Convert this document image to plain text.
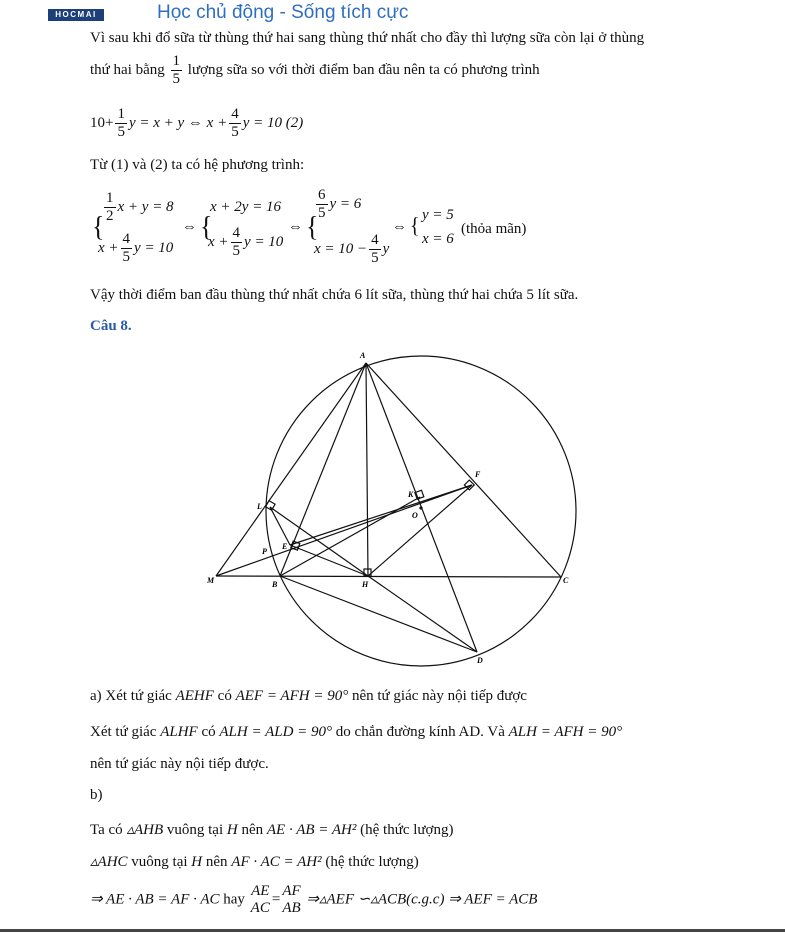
HOCMAI	Học chủ động - Sống tích cực
Vì sau khi đổ sữa từ thùng thứ hai sang thùng thứ nhất cho đầy thì lượng sữa còn lại ở thùng
thứ hai bằng $\frac{1}{5}$ lượng sữa so với thời điểm ban đầu nên ta có phương trình
$10+ \frac{1}{5}$ y = x + y ⇔ $x + \frac{4}{5}$ y = 10 (2)
Từ (1) và (2) ta có hệ phương trình:
{
$\frac{1}{2}$ x + y = 8
$x + \frac{4}{5}$ y = 10
⇔ {
x + 2y = 16
$x + \frac{4}{5}$ y = 10
⇔ {
$\frac{6}{5}$ y = 6
$x = 10 - \frac{4}{5}$ y
⇔ { y = 5
x = 6
(thỏa mãn)
Vậy thời điểm ban đầu thùng thứ nhất chứa 6 lít sữa, thùng thứ hai chứa 5 lít sữa.
Câu 8.
A
F
K
O
L
E
P
M	B	H	C
D
a) Xét tứ giác AEHF có AEF = AFH = 90° nên tứ giác này nội tiếp được
Xét tứ giác ALHF có ALH = ALD = 90° do chắn đường kính AD. Và ALH = AFH = 90°
nên tứ giác này nội tiếp được.
b)
Ta có ▵AHB vuông tại H nên AE · AB = AH² (hệ thức lượng)
▵AHC vuông tại H nên AF · AC = AH² (hệ thức lượng)
⇒ AE · AB = AF · AC hay
AE
AC
=
AF
AB
⇒▵AEF ∽▵ACB(c.g.c) ⇒ AEF = ACB
